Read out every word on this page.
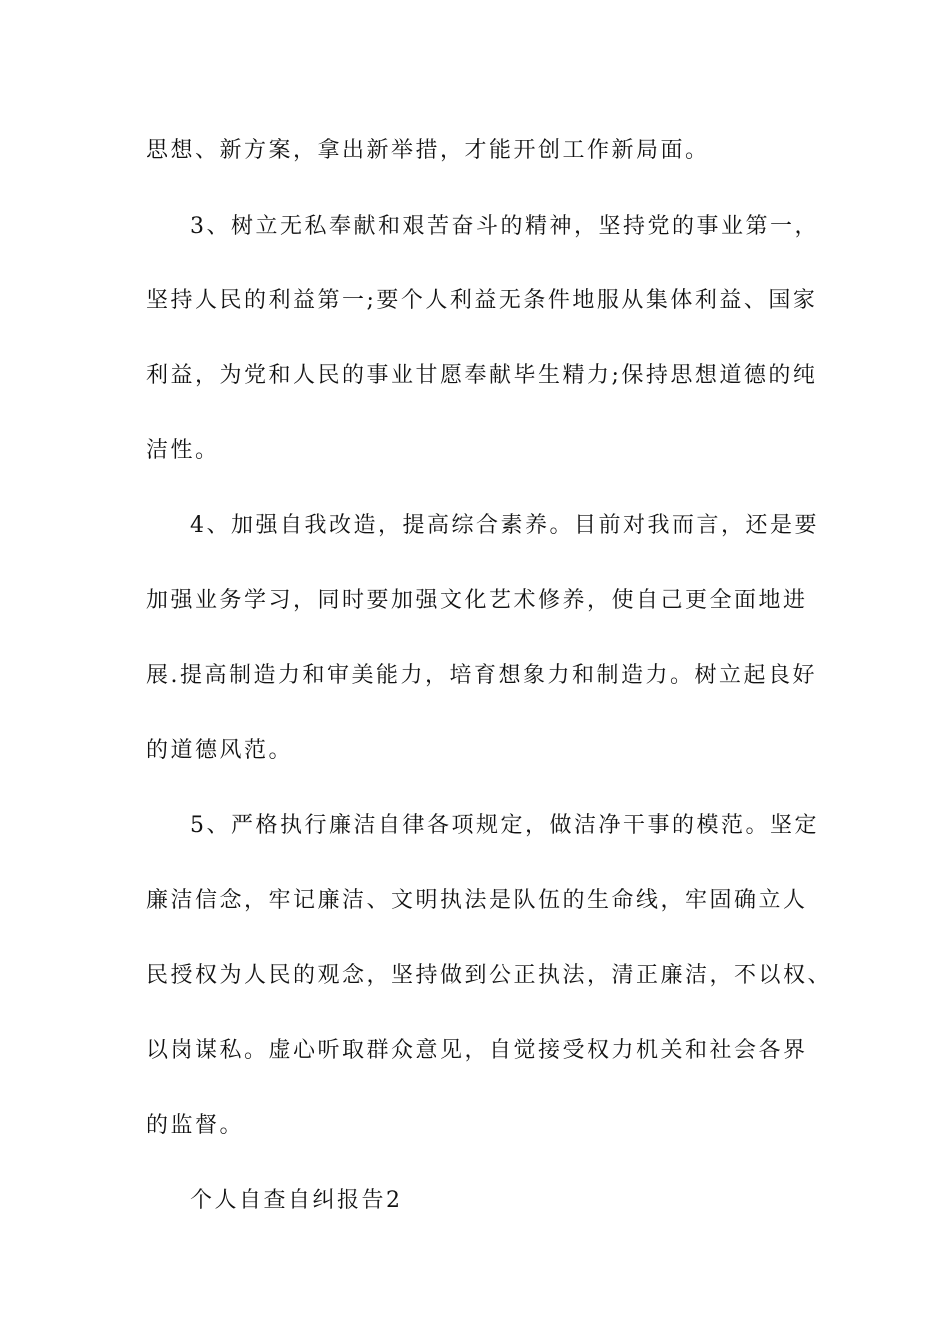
思想、新方案，拿出新举措，才能开创工作新局面。
3、树立无私奉献和艰苦奋斗的精神，坚持党的事业第一，
坚持人民的利益第一;要个人利益无条件地服从集体利益、国家
利益，为党和人民的事业甘愿奉献毕生精力;保持思想道德的纯
洁性。
4、加强自我改造，提高综合素养。目前对我而言，还是要
加强业务学习，同时要加强文化艺术修养，使自己更全面地进
展.提高制造力和审美能力，培育想象力和制造力。树立起良好
的道德风范。
5、严格执行廉洁自律各项规定，做洁净干事的模范。坚定
廉洁信念，牢记廉洁、文明执法是队伍的生命线，牢固确立人
民授权为人民的观念，坚持做到公正执法，清正廉洁，不以权、
以岗谋私。虚心听取群众意见，自觉接受权力机关和社会各界
的监督。
个人自查自纠报告2
